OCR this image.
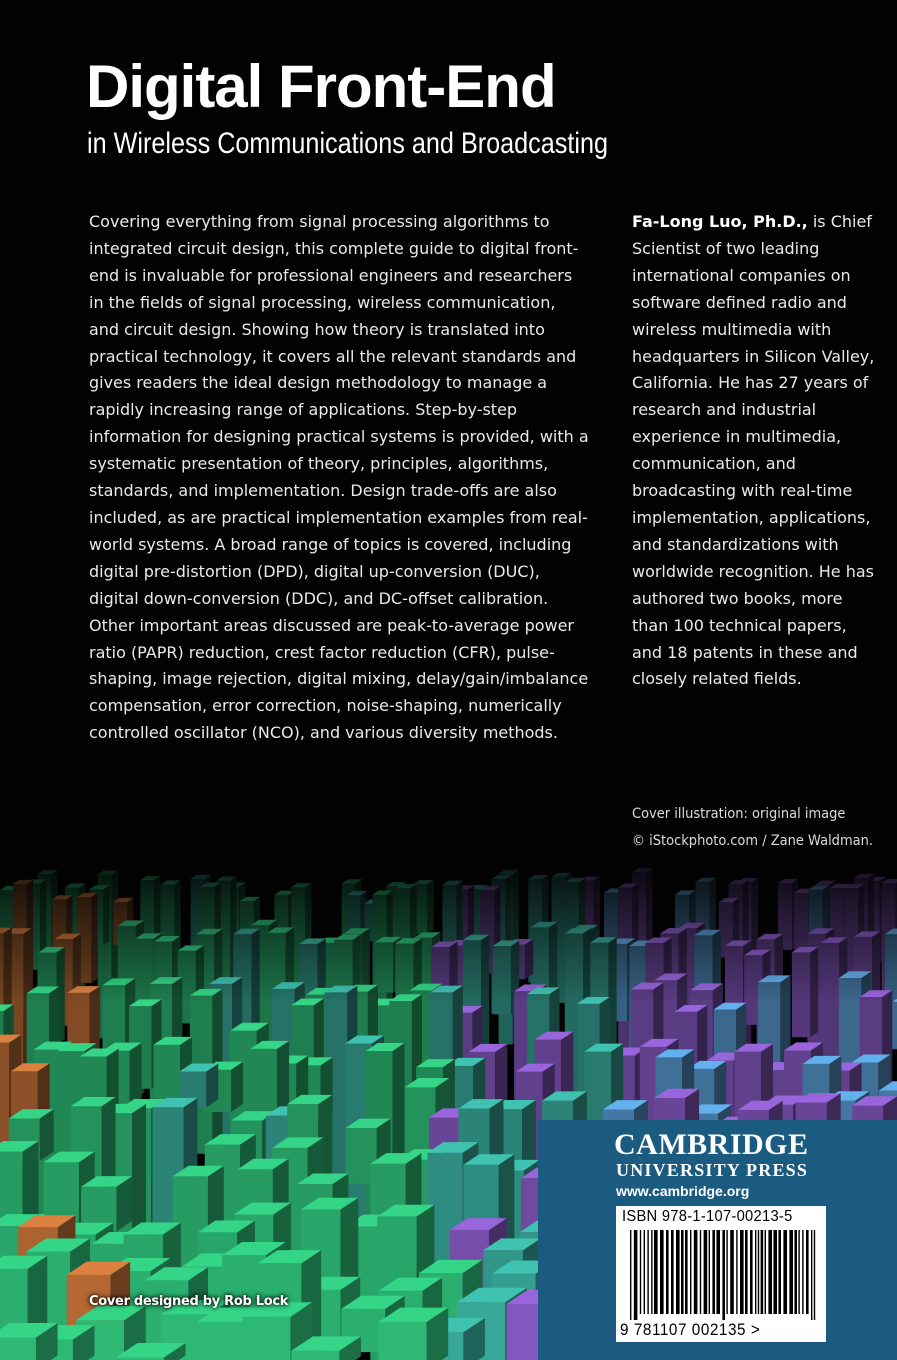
Digital Front-End
in Wireless Communications and Broadcasting

Covering everything from signal processing algorithms to integrated circuit design, this complete guide to digital front-end is invaluable for professional engineers and researchers in the fields of signal processing, wireless communication, and circuit design. Showing how theory is translated into practical technology, it covers all the relevant standards and gives readers the ideal design methodology to manage a rapidly increasing range of applications. Step-by-step information for designing practical systems is provided, with a systematic presentation of theory, principles, algorithms, standards, and implementation. Design trade-offs are also included, as are practical implementation examples from real-world systems. A broad range of topics is covered, including digital pre-distortion (DPD), digital up-conversion (DUC), digital down-conversion (DDC), and DC-offset calibration. Other important areas discussed are peak-to-average power ratio (PAPR) reduction, crest factor reduction (CFR), pulse-shaping, image rejection, digital mixing, delay/gain/imbalance compensation, error correction, noise-shaping, numerically controlled oscillator (NCO), and various diversity methods.

Fa-Long Luo, Ph.D., is Chief Scientist of two leading international companies on software defined radio and wireless multimedia with headquarters in Silicon Valley, California. He has 27 years of research and industrial experience in multimedia, communication, and broadcasting with real-time implementation, applications, and standardizations with worldwide recognition. He has authored two books, more than 100 technical papers, and 18 patents in these and closely related fields.

Cover illustration: original image
© iStockphoto.com / Zane Waldman.
Cover designed by Rob Lock
CAMBRIDGE
UNIVERSITY PRESS
www.cambridge.org
ISBN 978-1-107-00213-5
9 781107 002135 >
